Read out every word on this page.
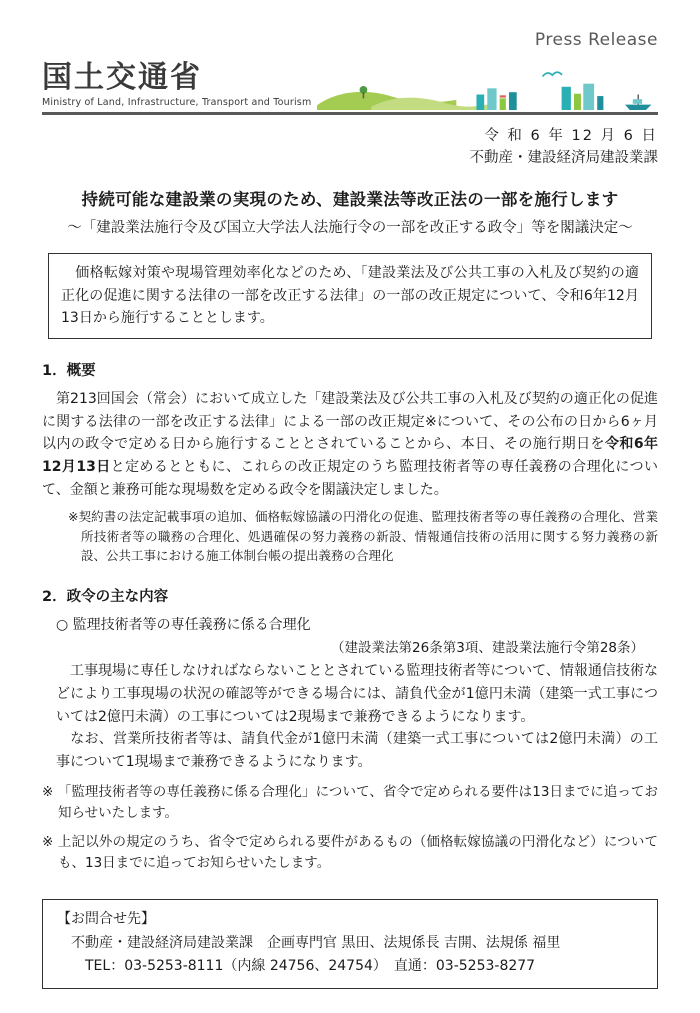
Press Release
国土交通省
Ministry of Land, Infrastructure, Transport and Tourism
令 和 6 年 12 月 6 日
不動産・建設経済局建設業課
持続可能な建設業の実現のため、建設業法等改正法の一部を施行します
～「建設業法施行令及び国立大学法人法施行令の一部を改正する政令」等を閣議決定～
　価格転嫁対策や現場管理効率化などのため、「建設業法及び公共工事の入札及び契約の適正化の促進に関する法律の一部を改正する法律」の一部の改正規定について、令和6年12月13日から施行することとします。
1．概要

　第213回国会（常会）において成立した「建設業法及び公共工事の入札及び契約の適正化の促進に関する法律の一部を改正する法律」による一部の改正規定※について、その公布の日から6ヶ月以内の政令で定める日から施行することとされていることから、本日、その施行期日を令和6年12月13日と定めるとともに、これらの改正規定のうち監理技術者等の専任義務の合理化について、金額と兼務可能な現場数を定める政令を閣議決定しました。

※契約書の法定記載事項の追加、価格転嫁協議の円滑化の促進、監理技術者等の専任義務の合理化、営業所技術者等の職務の合理化、処遇確保の努力義務の新設、情報通信技術の活用に関する努力義務の新設、公共工事における施工体制台帳の提出義務の合理化
2．政令の主な内容
○ 監理技術者等の専任義務に係る合理化
（建設業法第26条第3項、建設業法施行令第28条）

　工事現場に専任しなければならないこととされている監理技術者等について、情報通信技術などにより工事現場の状況の確認等ができる場合には、請負代金が1億円未満（建築一式工事については2億円未満）の工事については2現場まで兼務できるようになります。

　なお、営業所技術者等は、請負代金が1億円未満（建築一式工事については2億円未満）の工事について1現場まで兼務できるようになります。

※ 「監理技術者等の専任義務に係る合理化」について、省令で定められる要件は13日までに追ってお知らせいたします。
※ 上記以外の規定のうち、省令で定められる要件があるもの（価格転嫁協議の円滑化など）についても、13日までに追ってお知らせいたします。
【お問合せ先】
不動産・建設経済局建設業課　企画専門官 黒田、法規係長 吉開、法規係 福里
TEL：03-5253-8111（内線 24756、24754）　直通：03-5253-8277
